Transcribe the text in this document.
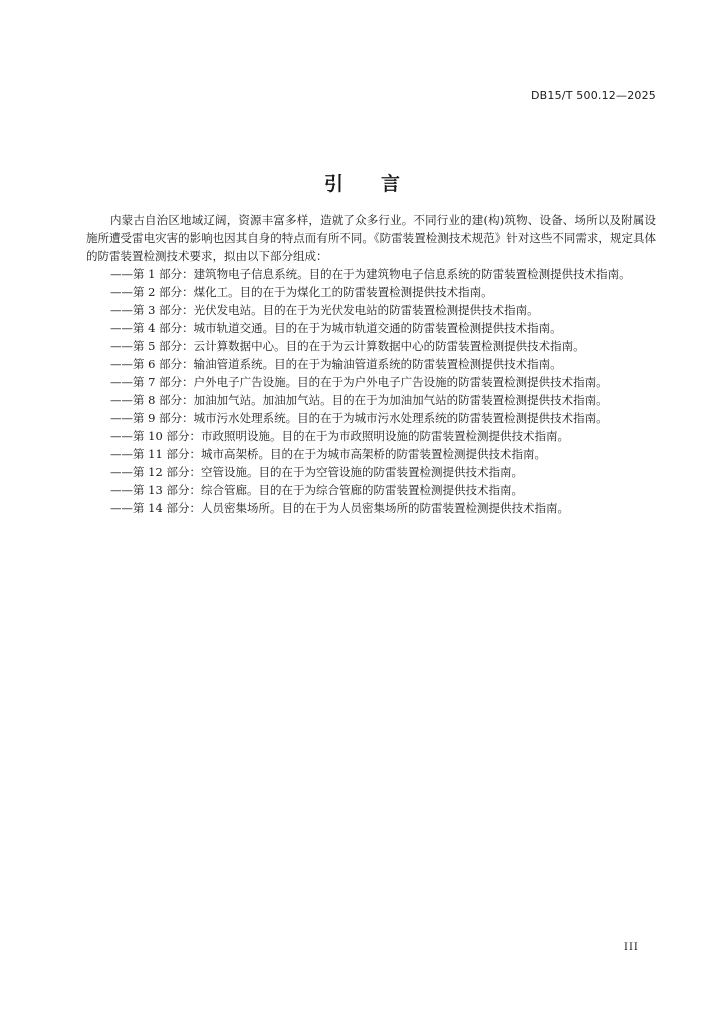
DB15/T 500.12—2025
引言

内蒙古自治区地域辽阔，资源丰富多样，造就了众多行业。不同行业的建(构)筑物、设备、场所以及附属设施所遭受雷电灾害的影响也因其自身的特点而有所不同。《防雷装置检测技术规范》针对这些不同需求，规定具体的防雷装置检测技术要求，拟由以下部分组成：

——第 1 部分：建筑物电子信息系统。目的在于为建筑物电子信息系统的防雷装置检测提供技术指南。
——第 2 部分：煤化工。目的在于为煤化工的防雷装置检测提供技术指南。
——第 3 部分：光伏发电站。目的在于为光伏发电站的防雷装置检测提供技术指南。
——第 4 部分：城市轨道交通。目的在于为城市轨道交通的防雷装置检测提供技术指南。
——第 5 部分：云计算数据中心。目的在于为云计算数据中心的防雷装置检测提供技术指南。
——第 6 部分：输油管道系统。目的在于为输油管道系统的防雷装置检测提供技术指南。
——第 7 部分：户外电子广告设施。目的在于为户外电子广告设施的防雷装置检测提供技术指南。
——第 8 部分：加油加气站。加油加气站。目的在于为加油加气站的防雷装置检测提供技术指南。
——第 9 部分：城市污水处理系统。目的在于为城市污水处理系统的防雷装置检测提供技术指南。
——第 10 部分：市政照明设施。目的在于为市政照明设施的防雷装置检测提供技术指南。
——第 11 部分：城市高架桥。目的在于为城市高架桥的防雷装置检测提供技术指南。
——第 12 部分：空管设施。目的在于为空管设施的防雷装置检测提供技术指南。
——第 13 部分：综合管廊。目的在于为综合管廊的防雷装置检测提供技术指南。
——第 14 部分：人员密集场所。目的在于为人员密集场所的防雷装置检测提供技术指南。
III
